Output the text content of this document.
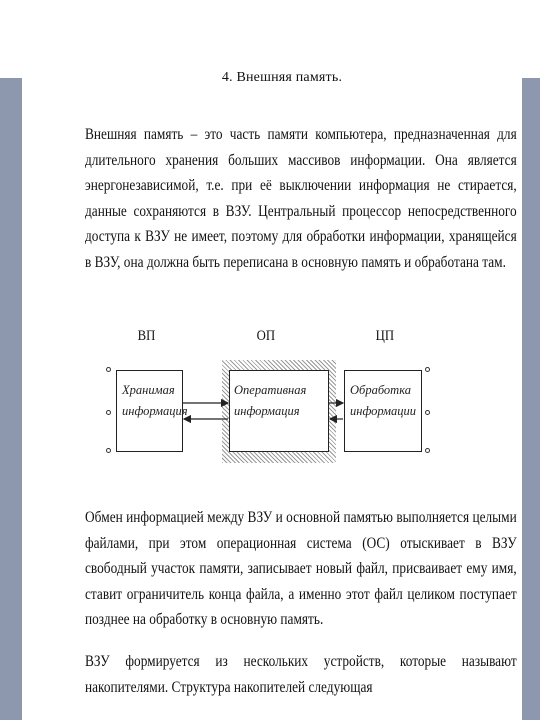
4. Внешняя память.
Внешняя память – это часть памяти компьютера, предназначенная для длительного хранения больших массивов информации. Она является энергонезависимой, т.е. при её выключении информация не стирается, данные сохраняются в ВЗУ. Центральный процессор непосредственного доступа к ВЗУ не имеет, поэтому для обработки информации, хранящейся в ВЗУ, она должна быть переписана в основную память и обработана там.
ВП	ОП	ЦП
Хранимая
информация
Оперативная
информация
Обработка
информации
Обмен информацией между ВЗУ и основной памятью выполняется целыми файлами, при этом операционная система (ОС) отыскивает в ВЗУ свободный участок памяти, записывает новый файл, присваивает ему имя, ставит ограничитель конца файла, а именно этот файл целиком поступает позднее на обработку в основную память.
ВЗУ формируется из нескольких устройств, которые называют накопителями. Структура накопителей следующая
